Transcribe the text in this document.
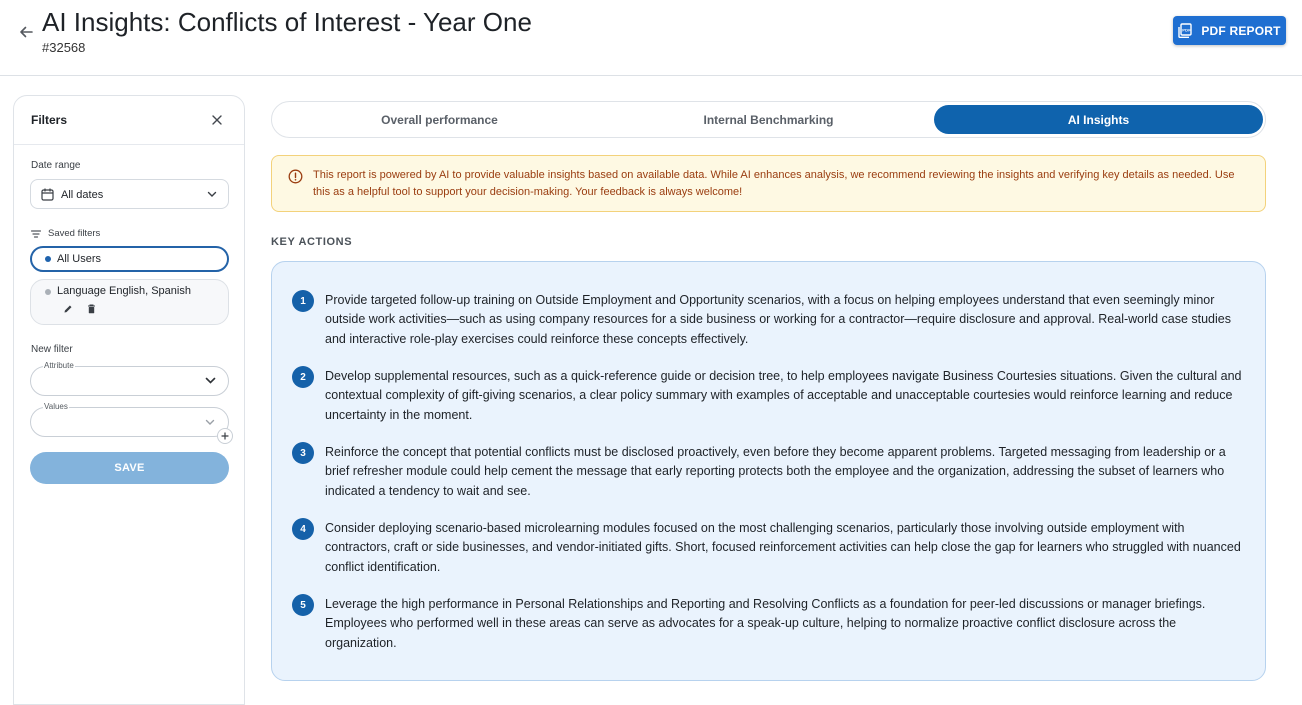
AI Insights: Conflicts of Interest - Year One
#32568
PDF PDF REPORT
Filters
Date range
All dates
Saved filters
All Users
Language English, Spanish
New filter
Attribute
Values
SAVE
Overall performance	Internal Benchmarking	AI Insights
This report is powered by AI to provide valuable insights based on available data. While AI enhances analysis, we recommend reviewing the insights and verifying key details as needed. Use this as a helpful tool to support your decision-making. Your feedback is always welcome!
KEY ACTIONS
1	Provide targeted follow-up training on Outside Employment and Opportunity scenarios, with a focus on helping employees understand that even seemingly minor outside work activities—such as using company resources for a side business or working for a contractor—require disclosure and approval. Real-world case studies and interactive role-play exercises could reinforce these concepts effectively.
2	Develop supplemental resources, such as a quick-reference guide or decision tree, to help employees navigate Business Courtesies situations. Given the cultural and contextual complexity of gift-giving scenarios, a clear policy summary with examples of acceptable and unacceptable courtesies would reinforce learning and reduce uncertainty in the moment.
3	Reinforce the concept that potential conflicts must be disclosed proactively, even before they become apparent problems. Targeted messaging from leadership or a brief refresher module could help cement the message that early reporting protects both the employee and the organization, addressing the subset of learners who indicated a tendency to wait and see.
4	Consider deploying scenario-based microlearning modules focused on the most challenging scenarios, particularly those involving outside employment with contractors, craft or side businesses, and vendor-initiated gifts. Short, focused reinforcement activities can help close the gap for learners who struggled with nuanced conflict identification.
5	Leverage the high performance in Personal Relationships and Reporting and Resolving Conflicts as a foundation for peer-led discussions or manager briefings. Employees who performed well in these areas can serve as advocates for a speak-up culture, helping to normalize proactive conflict disclosure across the organization.
